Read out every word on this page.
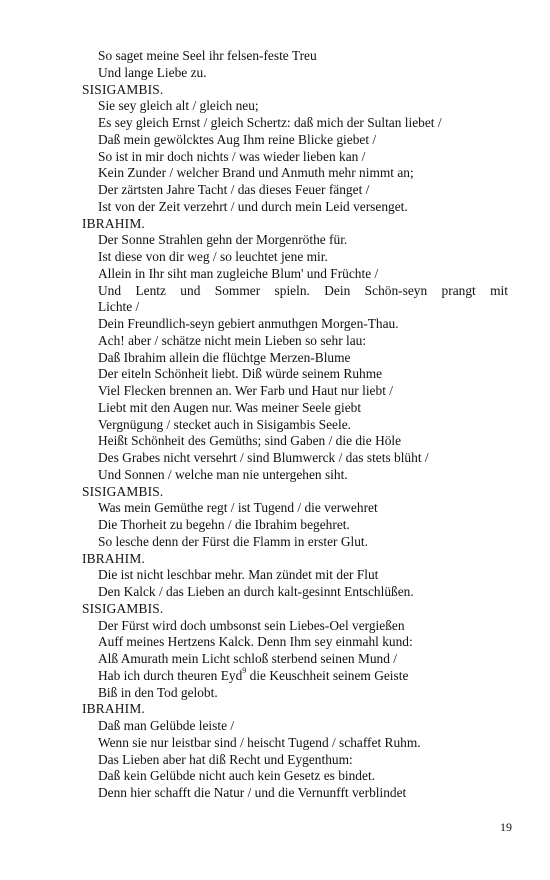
So saget meine Seel ihr felsen-feste Treu
Und lange Liebe zu.
SISIGAMBIS.
Sie sey gleich alt / gleich neu;
Es sey gleich Ernst / gleich Schertz: daß mich der Sultan liebet /
Daß mein gewölcktes Aug Ihm reine Blicke giebet /
So ist in mir doch nichts / was wieder lieben kan /
Kein Zunder / welcher Brand und Anmuth mehr nimmt an;
Der zärtsten Jahre Tacht / das dieses Feuer fänget /
Ist von der Zeit verzehrt / und durch mein Leid versenget.
IBRAHIM.
Der Sonne Strahlen gehn der Morgenröthe für.
Ist diese von dir weg / so leuchtet jene mir.
Allein in Ihr siht man zugleiche Blum' und Früchte /
Und Lentz und Sommer spieln. Dein Schön-seyn prangt mit
Lichte /
Dein Freundlich-seyn gebiert anmuthgen Morgen-Thau.
Ach! aber / schätze nicht mein Lieben so sehr lau:
Daß Ibrahim allein die flüchtge Merzen-Blume
Der eiteln Schönheit liebt. Diß würde seinem Ruhme
Viel Flecken brennen an. Wer Farb und Haut nur liebt /
Liebt mit den Augen nur. Was meiner Seele giebt
Vergnügung / stecket auch in Sisigambis Seele.
Heißt Schönheit des Gemüths; sind Gaben / die die Höle
Des Grabes nicht versehrt / sind Blumwerck / das stets blüht /
Und Sonnen / welche man nie untergehen siht.
SISIGAMBIS.
Was mein Gemüthe regt / ist Tugend / die verwehret
Die Thorheit zu begehn / die Ibrahim begehret.
So lesche denn der Fürst die Flamm in erster Glut.
IBRAHIM.
Die ist nicht leschbar mehr. Man zündet mit der Flut
Den Kalck / das Lieben an durch kalt-gesinnt Entschlüßen.
SISIGAMBIS.
Der Fürst wird doch umbsonst sein Liebes-Oel vergießen
Auff meines Hertzens Kalck. Denn Ihm sey einmahl kund:
Alß Amurath mein Licht schloß sterbend seinen Mund /
Hab ich durch theuren Eyd$^9$ die Keuschheit seinem Geiste
Biß in den Tod gelobt.
IBRAHIM.
Daß man Gelübde leiste /
Wenn sie nur leistbar sind / heischt Tugend / schaffet Ruhm.
Das Lieben aber hat diß Recht und Eygenthum:
Daß kein Gelübde nicht auch kein Gesetz es bindet.
Denn hier schafft die Natur / und die Vernunfft verblindet
19
